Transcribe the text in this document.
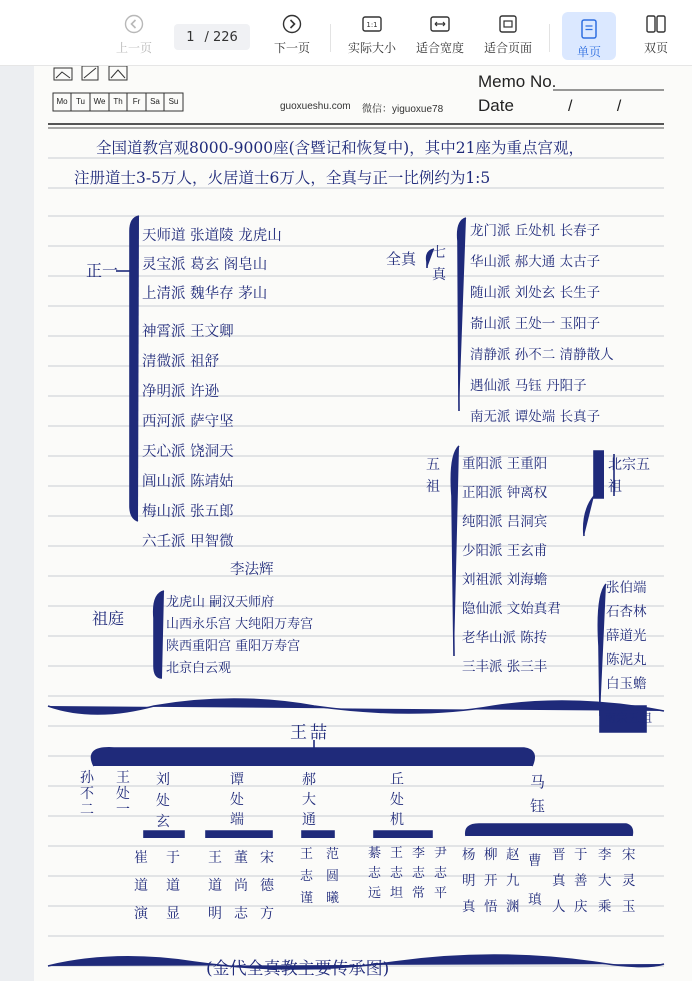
上一页
1 / 226
下一页
1:1
实际大小 适合宽度 适合页面	单页	双页
Mo	Tu	We Th	Fr	Sa	Su
Memo No.
Date	/          /
guoxueshu.com 微信：yiguoxue78
全国道教宫观8000-9000座(含暨记和恢复中)，其中21座为重点宫观，
注册道士3-5万人，火居道士6万人，全真与正一比例约为1:5
正一
天师道 张道陵 龙虎山
灵宝派 葛玄 阁皂山
上清派 魏华存 茅山
神霄派 王文卿
清微派 祖舒
净明派 许逊
西河派 萨守坚
天心派 饶洞天
阊山派 陈靖姑
梅山派 张五郎
六壬派 甲智微
李法辉
全真 七真
龙门派 丘处机 长春子
华山派 郝大通 太古子
随山派 刘处玄 长生子
嵛山派 王处一 玉阳子
清静派 孙不二 清静散人
遇仙派 马钰 丹阳子
南无派 谭处端 长真子
五祖
重阳派 王重阳
正阳派 钟离权
纯阳派 吕洞宾
少阳派 王玄甫
刘祖派 刘海蟾
隐仙派 文始真君
老华山派 陈抟
三丰派 张三丰
北宗五祖
张伯端
石杏林
薛道光
陈泥丸
白玉蟾
南宗五祖
祖庭
龙虎山 嗣汉天师府
山西永乐宫 大纯阳万寿宫
陕西重阳宫 重阳万寿宫
北京白云观
王喆
孙不二
王处一
刘处玄
谭处端
郝大通
丘处机
马钰
崔道演
于道显
王道明
董尚志
宋德方
王志谨
范圆曦
綦志远
王志坦
李志常
尹志平
杨明真
柳开悟
赵九渊
曹瑱
晋真人
于善庆
李大乘
宋灵玉
(金代全真教主要传承图)
